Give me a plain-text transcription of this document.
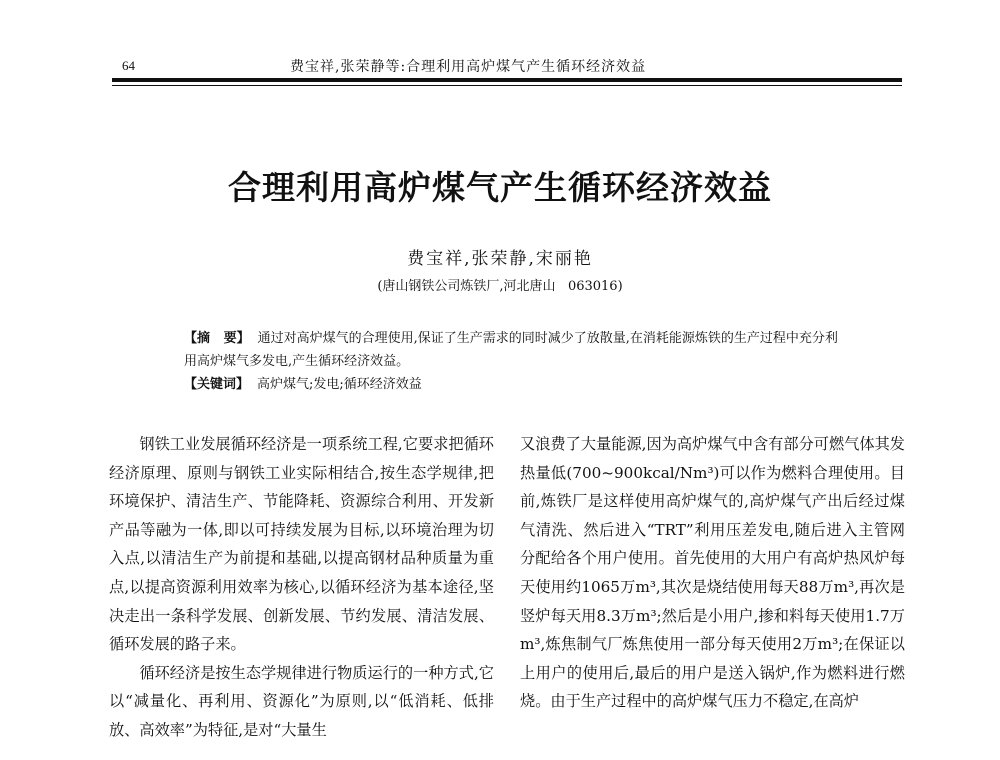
64	费宝祥,张荣静等:合理利用高炉煤气产生循环经济效益
合理利用高炉煤气产生循环经济效益
费宝祥,张荣静,宋丽艳
(唐山钢铁公司炼铁厂,河北唐山   063016)

【摘   要】 通过对高炉煤气的合理使用,保证了生产需求的同时减少了放散量,在消耗能源炼铁的生产过程中充分利用高炉煤气多发电,产生循环经济效益。

【关键词】 高炉煤气;发电;循环经济效益

钢铁工业发展循环经济是一项系统工程,它要求把循环经济原理、原则与钢铁工业实际相结合,按生态学规律,把环境保护、清洁生产、节能降耗、资源综合利用、开发新产品等融为一体,即以可持续发展为目标,以环境治理为切入点,以清洁生产为前提和基础,以提高钢材品种质量为重点,以提高资源利用效率为核心,以循环经济为基本途径,坚决走出一条科学发展、创新发展、节约发展、清洁发展、循环发展的路子来。

循环经济是按生态学规律进行物质运行的一种方式,它以“减量化、再利用、资源化”为原则,以“低消耗、低排放、高效率”为特征,是对“大量生

又浪费了大量能源,因为高炉煤气中含有部分可燃气体其发热量低(700~900kcal/Nm³)可以作为燃料合理使用。目前,炼铁厂是这样使用高炉煤气的,高炉煤气产出后经过煤气清洗、然后进入“TRT”利用压差发电,随后进入主管网分配给各个用户使用。首先使用的大用户有高炉热风炉每天使用约1065万m³,其次是烧结使用每天88万m³,再次是竖炉每天用8.3万m³;然后是小用户,掺和料每天使用1.7万m³,炼焦制气厂炼焦使用一部分每天使用2万m³;在保证以上用户的使用后,最后的用户是送入锅炉,作为燃料进行燃烧。由于生产过程中的高炉煤气压力不稳定,在高炉
